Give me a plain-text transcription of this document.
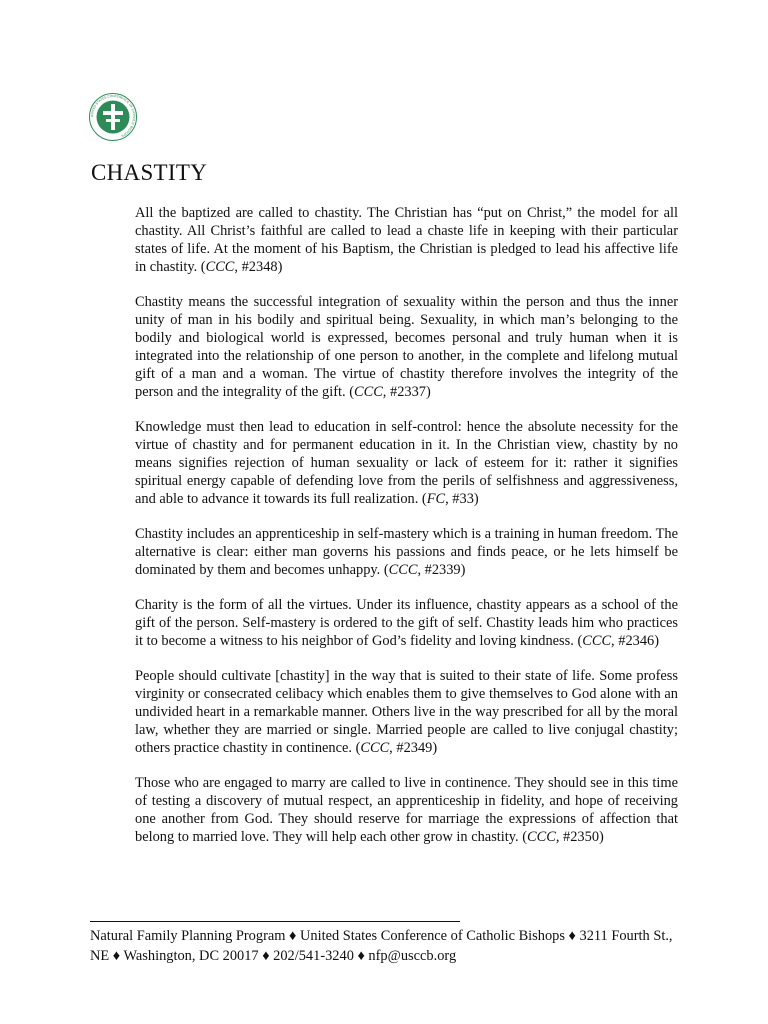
UNITED STATES CONFERENCE OF CATHOLIC BISHOPS
CHASTITY

All the baptized are called to chastity. The Christian has “put on Christ,” the model for all chastity. All Christ’s faithful are called to lead a chaste life in keeping with their particular states of life. At the moment of his Baptism, the Christian is pledged to lead his affective life in chastity. (CCC, #2348)

Chastity means the successful integration of sexuality within the person and thus the inner unity of man in his bodily and spiritual being. Sexuality, in which man’s belonging to the bodily and biological world is expressed, becomes personal and truly human when it is integrated into the relationship of one person to another, in the complete and lifelong mutual gift of a man and a woman. The virtue of chastity therefore involves the integrity of the person and the integrality of the gift. (CCC, #2337)

Knowledge must then lead to education in self-control: hence the absolute necessity for the virtue of chastity and for permanent education in it. In the Christian view, chastity by no means signifies rejection of human sexuality or lack of esteem for it: rather it signifies spiritual energy capable of defending love from the perils of selfishness and aggressiveness, and able to advance it towards its full realization. (FC, #33)

Chastity includes an apprenticeship in self-mastery which is a training in human freedom. The alternative is clear: either man governs his passions and finds peace, or he lets himself be dominated by them and becomes unhappy. (CCC, #2339)

Charity is the form of all the virtues. Under its influence, chastity appears as a school of the gift of the person. Self-mastery is ordered to the gift of self. Chastity leads him who practices it to become a witness to his neighbor of God’s fidelity and loving kindness. (CCC, #2346)

People should cultivate [chastity] in the way that is suited to their state of life. Some profess virginity or consecrated celibacy which enables them to give themselves to God alone with an undivided heart in a remarkable manner. Others live in the way prescribed for all by the moral law, whether they are married or single. Married people are called to live conjugal chastity; others practice chastity in continence. (CCC, #2349)

Those who are engaged to marry are called to live in continence. They should see in this time of testing a discovery of mutual respect, an apprenticeship in fidelity, and hope of receiving one another from God. They should reserve for marriage the expressions of affection that belong to married love. They will help each other grow in chastity. (CCC, #2350)

Natural Family Planning Program ♦ United States Conference of Catholic Bishops ♦ 3211 Fourth St., NE ♦ Washington, DC 20017 ♦ 202/541-3240 ♦ nfp@usccb.org
